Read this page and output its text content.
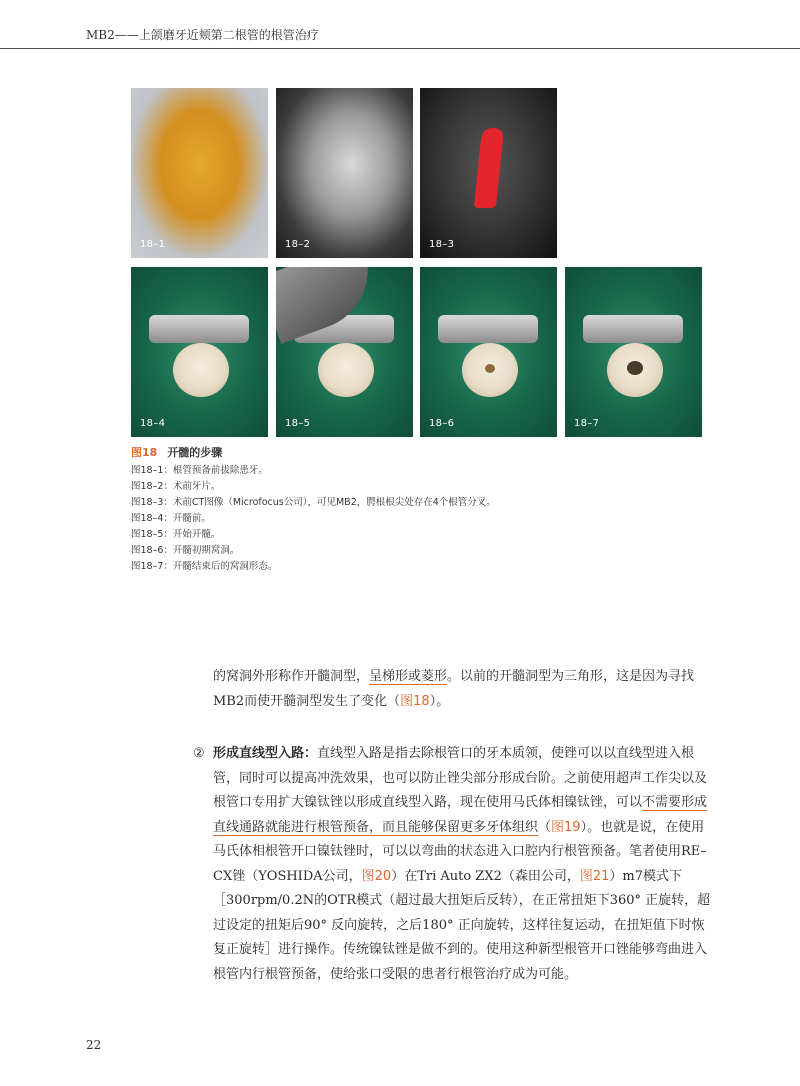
MB2——上颌磨牙近颊第二根管的根管治疗
18–1	18–2	18–3
18–4	18–5	18–6	18–7
图18 开髓的步骤
图18–1：根管预备前拔除患牙。
图18–2：术前牙片。
图18–3：术前CT图像（Microfocus公司），可见MB2，腭根根尖处存在4个根管分叉。
图18–4：开髓前。
图18–5：开始开髓。
图18–6：开髓初期窝洞。
图18–7：开髓结束后的窝洞形态。
的窝洞外形称作开髓洞型，呈梯形或菱形。以前的开髓洞型为三角形，这是因为寻找MB2而使开髓洞型发生了变化（图18）。
② 形成直线型入路：直线型入路是指去除根管口的牙本质领，使锉可以以直线型进入根管，同时可以提高冲洗效果，也可以防止锉尖部分形成台阶。之前使用超声工作尖以及根管口专用扩大镍钛锉以形成直线型入路，现在使用马氏体相镍钛锉，可以不需要形成直线通路就能进行根管预备，而且能够保留更多牙体组织（图19）。也就是说，在使用马氏体相根管开口镍钛锉时，可以以弯曲的状态进入口腔内行根管预备。笔者使用RE–CX锉（YOSHIDA公司，图20）在Tri Auto ZX2（森田公司，图21）m7模式下［300rpm/0.2N的OTR模式（超过最大扭矩后反转），在正常扭矩下360° 正旋转，超过设定的扭矩后90° 反向旋转，之后180° 正向旋转，这样往复运动，在扭矩值下时恢复正旋转］进行操作。传统镍钛锉是做不到的。使用这种新型根管开口锉能够弯曲进入根管内行根管预备，使给张口受限的患者行根管治疗成为可能。
22
